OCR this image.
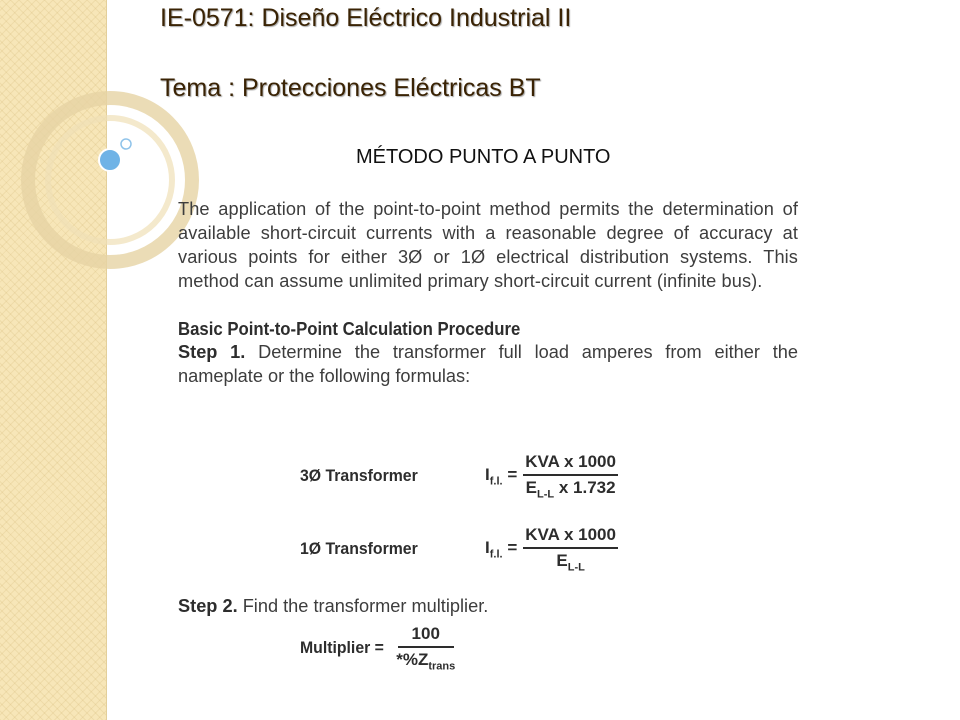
IE-0571: Diseño Eléctrico Industrial II
Tema : Protecciones Eléctricas BT

MÉTODO PUNTO A PUNTO

The application of the point-to-point method permits the determination of available short-circuit currents with a reasonable degree of accuracy at various points for either 3Ø or 1Ø electrical distribution systems. This method can assume unlimited primary short-circuit current (infinite bus).

Basic Point-to-Point Calculation Procedure

Step 1. Determine the transformer full load amperes from either the nameplate or the following formulas:

3Ø Transformer	$I_{f.l.} = \frac{\text{KVA x 1000}}{E_{L-L} x 1.732}$
1Ø Transformer	$I_{f.l.} = \frac{\text{KVA x 1000}}{E_{L-L}}$

Step 2. Find the transformer multiplier.

Multiplier = $\frac{100}{*\%Z_{trans}}$
